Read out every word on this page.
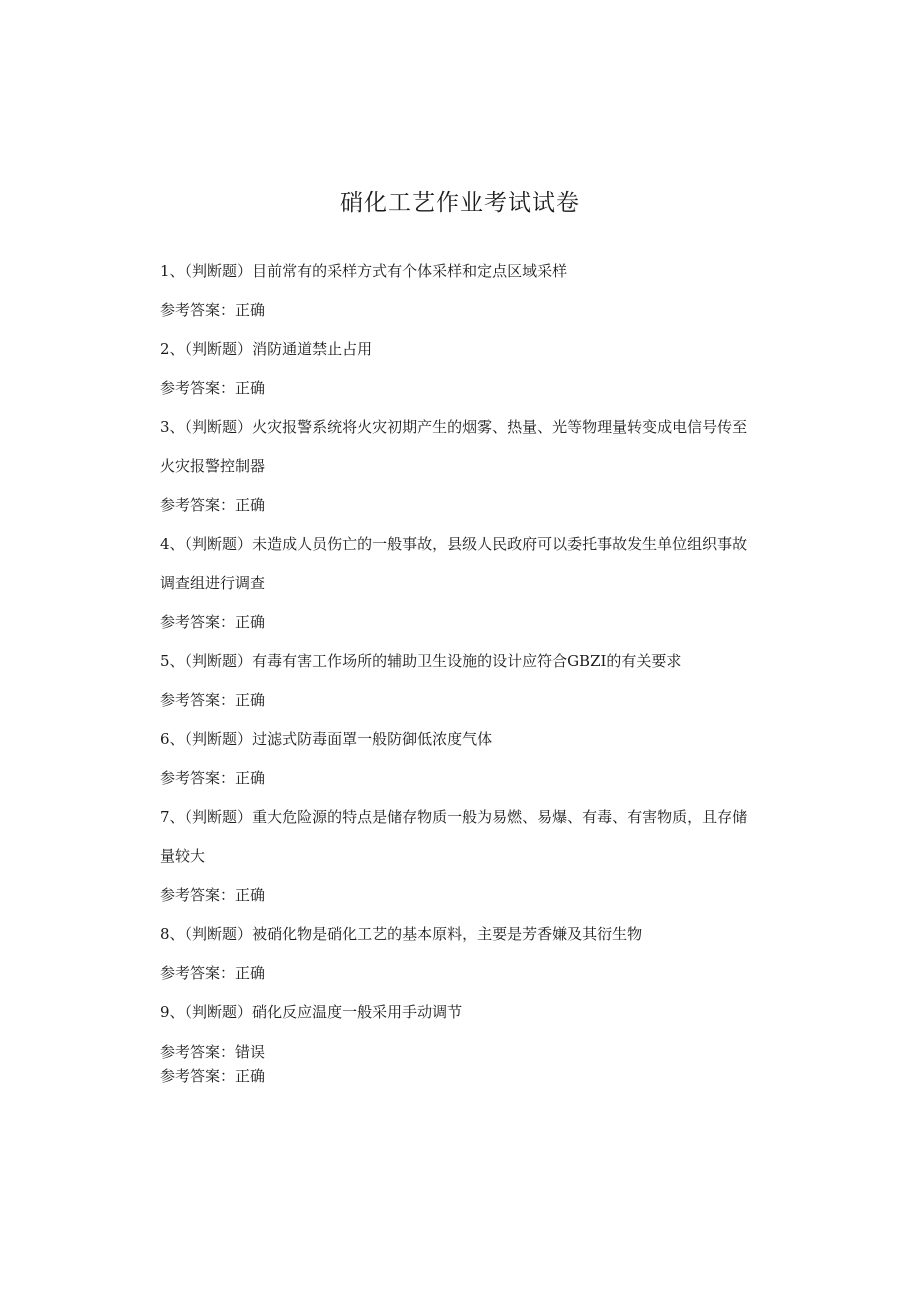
硝化工艺作业考试试卷

1、（判断题）目前常有的采样方式有个体采样和定点区域采样

参考答案：正确

2、（判断题）消防通道禁止占用

参考答案：正确

3、（判断题）火灾报警系统将火灾初期产生的烟雾、热量、光等物理量转变成电信号传至火灾报警控制器

参考答案：正确

4、（判断题）未造成人员伤亡的一般事故，县级人民政府可以委托事故发生单位组织事故调查组进行调查

参考答案：正确

5、（判断题）有毒有害工作场所的辅助卫生设施的设计应符合GBZI的有关要求

参考答案：正确

6、（判断题）过滤式防毒面罩一般防御低浓度气体

参考答案：正确

7、（判断题）重大危险源的特点是储存物质一般为易燃、易爆、有毒、有害物质，且存储量较大

参考答案：正确

8、（判断题）被硝化物是硝化工艺的基本原料，主要是芳香嫌及其衍生物

参考答案：正确

9、（判断题）硝化反应温度一般采用手动调节

参考答案：错误

参考答案：正确
